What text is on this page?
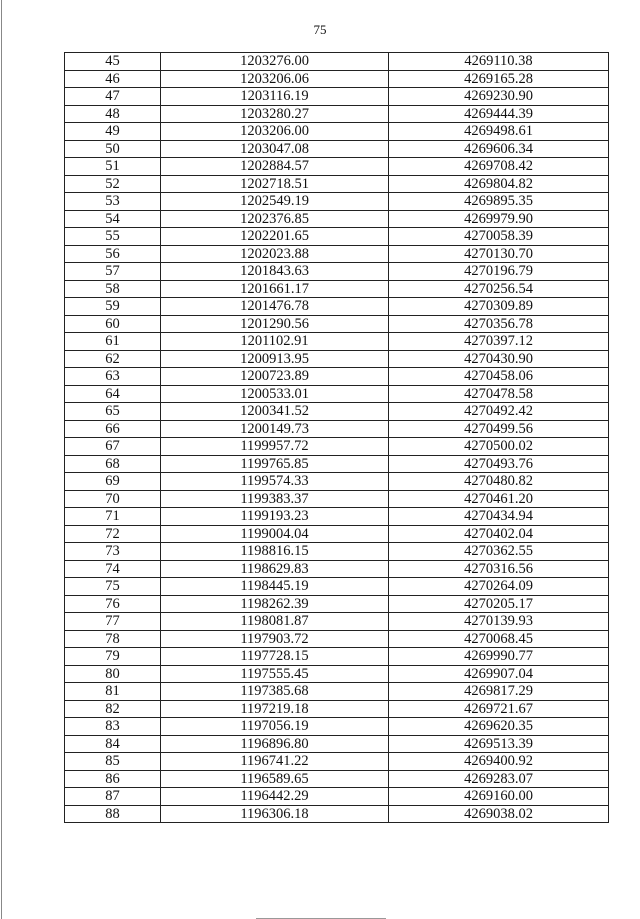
75
45	1203276.00	4269110.38
46	1203206.06	4269165.28
47	1203116.19	4269230.90
48	1203280.27	4269444.39
49	1203206.00	4269498.61
50	1203047.08	4269606.34
51	1202884.57	4269708.42
52	1202718.51	4269804.82
53	1202549.19	4269895.35
54	1202376.85	4269979.90
55	1202201.65	4270058.39
56	1202023.88	4270130.70
57	1201843.63	4270196.79
58	1201661.17	4270256.54
59	1201476.78	4270309.89
60	1201290.56	4270356.78
61	1201102.91	4270397.12
62	1200913.95	4270430.90
63	1200723.89	4270458.06
64	1200533.01	4270478.58
65	1200341.52	4270492.42
66	1200149.73	4270499.56
67	1199957.72	4270500.02
68	1199765.85	4270493.76
69	1199574.33	4270480.82
70	1199383.37	4270461.20
71	1199193.23	4270434.94
72	1199004.04	4270402.04
73	1198816.15	4270362.55
74	1198629.83	4270316.56
75	1198445.19	4270264.09
76	1198262.39	4270205.17
77	1198081.87	4270139.93
78	1197903.72	4270068.45
79	1197728.15	4269990.77
80	1197555.45	4269907.04
81	1197385.68	4269817.29
82	1197219.18	4269721.67
83	1197056.19	4269620.35
84	1196896.80	4269513.39
85	1196741.22	4269400.92
86	1196589.65	4269283.07
87	1196442.29	4269160.00
88	1196306.18	4269038.02
